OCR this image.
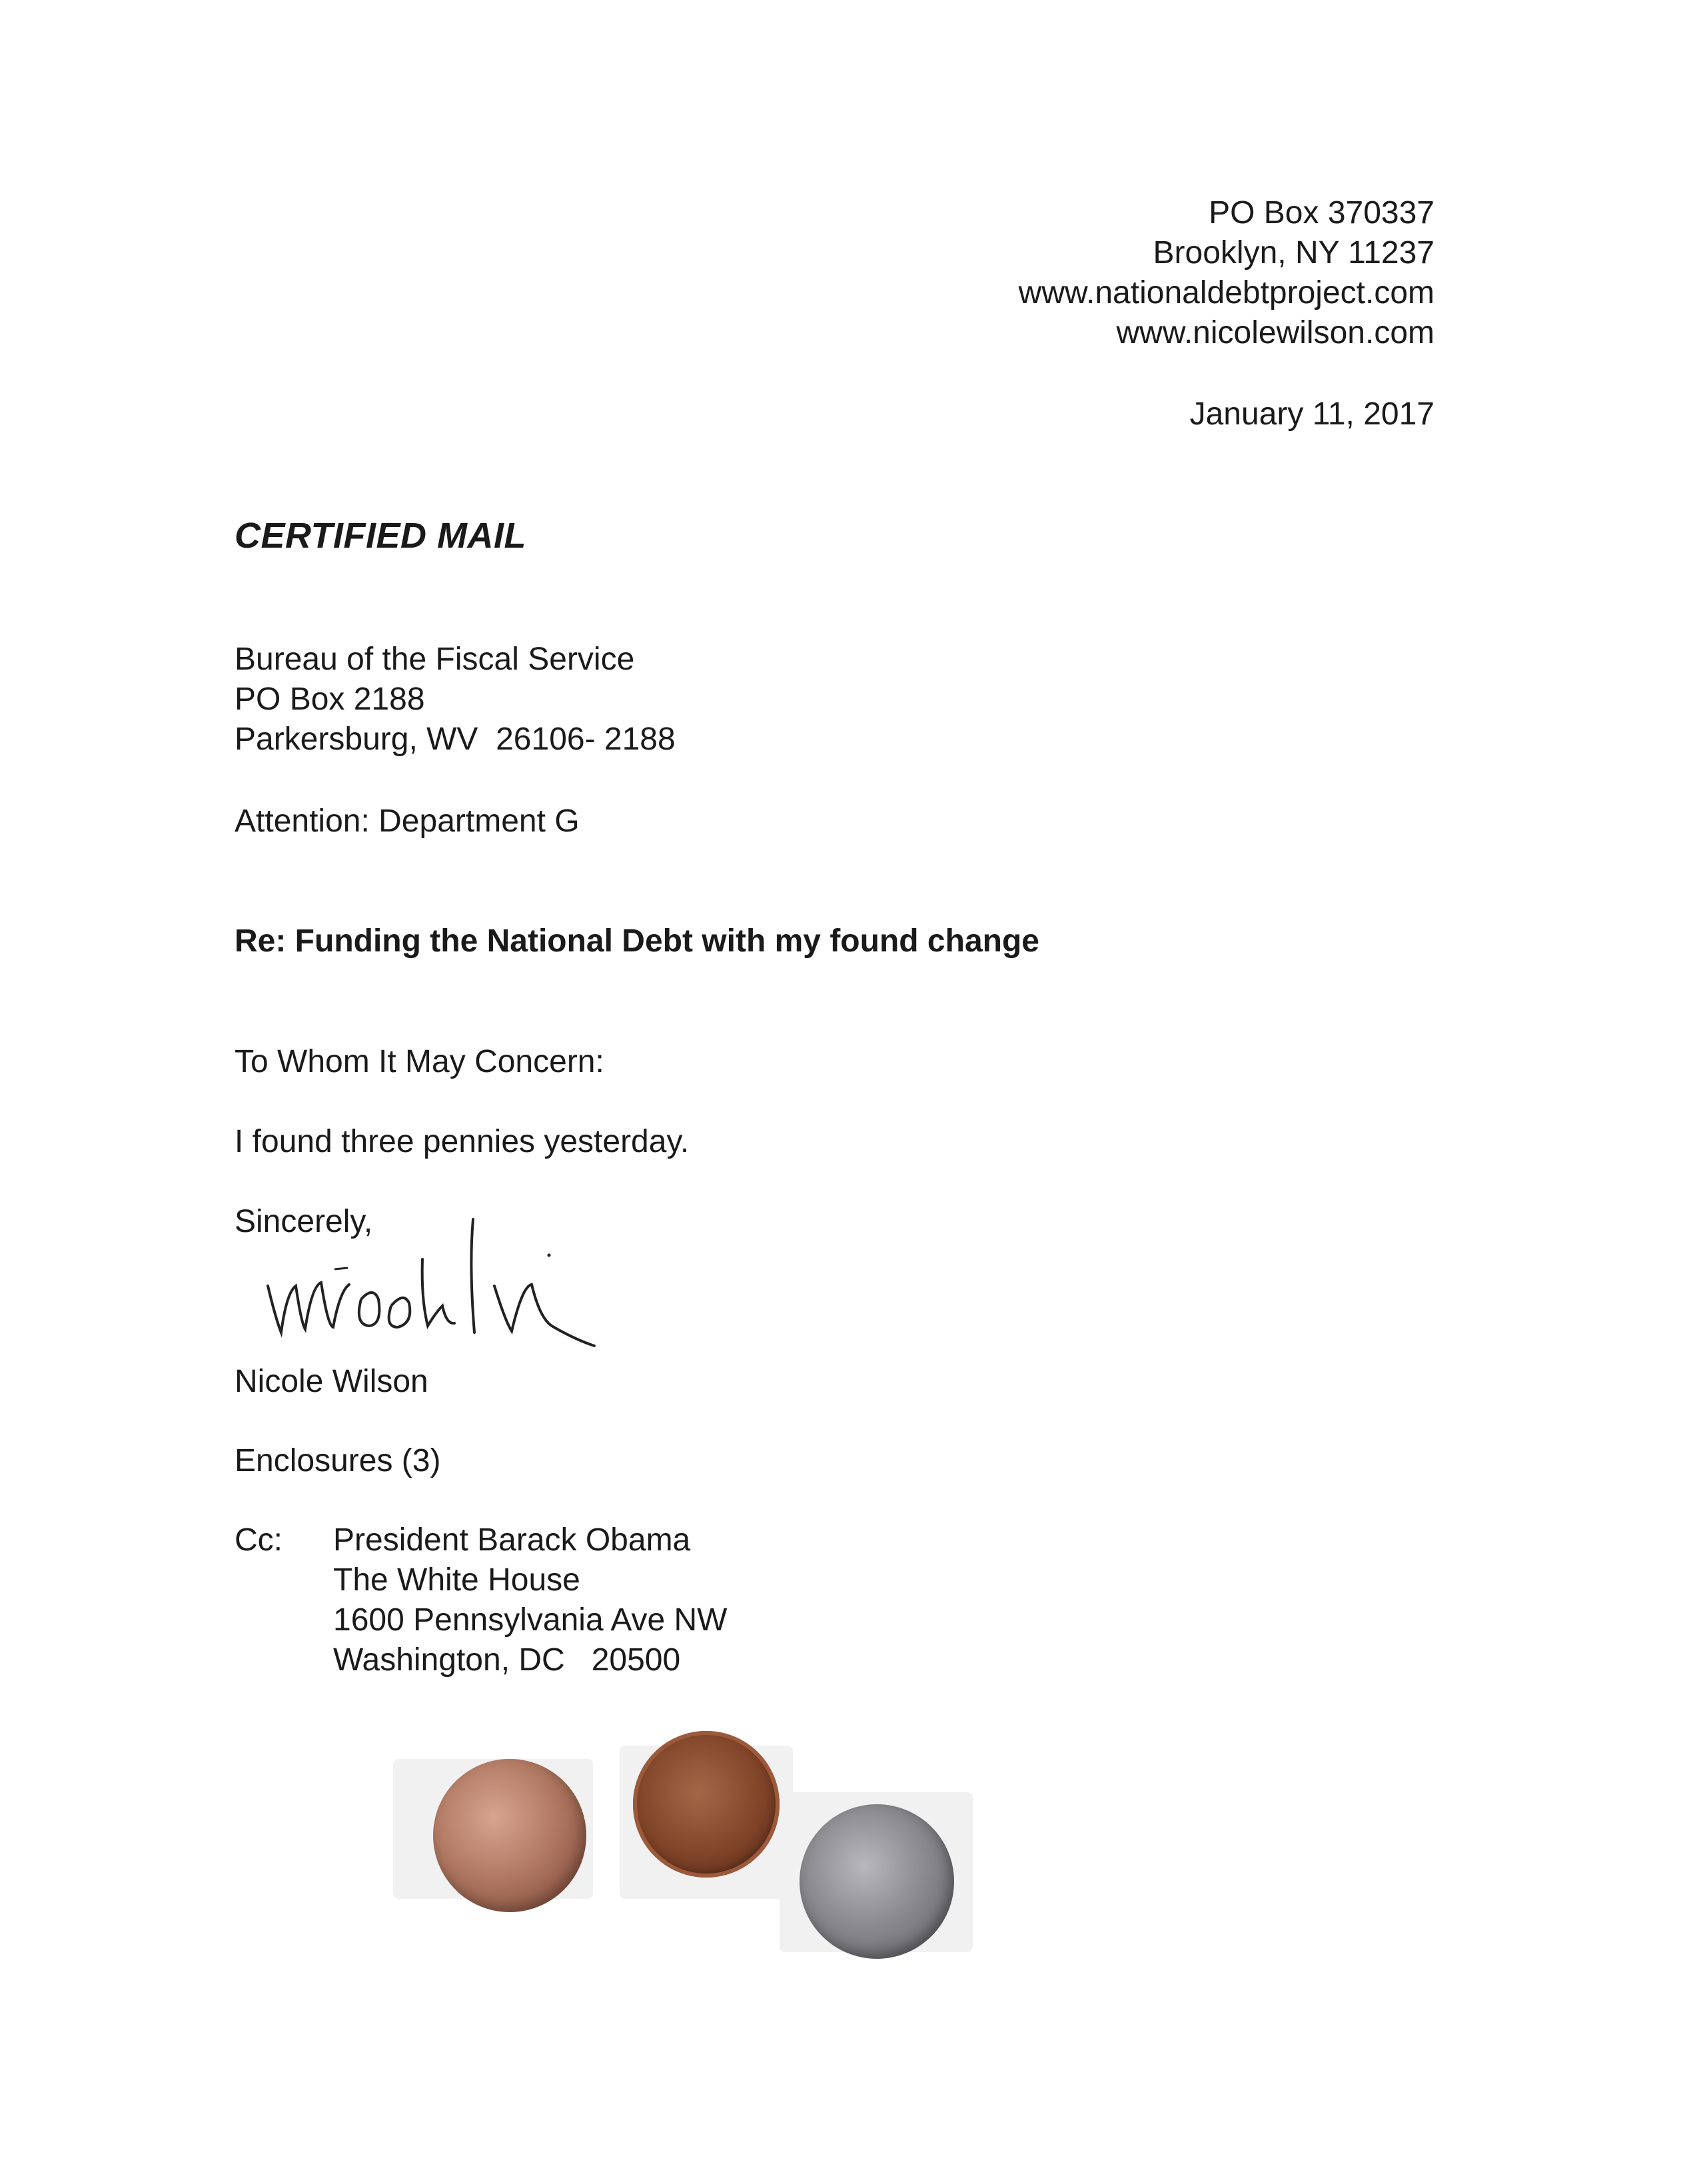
PO Box 370337
Brooklyn, NY 11237
www.nationaldebtproject.com
www.nicolewilson.com
January 11, 2017
CERTIFIED MAIL
Bureau of the Fiscal Service
PO Box 2188
Parkersburg, WV  26106- 2188
Attention: Department G
Re: Funding the National Debt with my found change
To Whom It May Concern:
I found three pennies yesterday.
Sincerely,
Nicole Wilson
Enclosures (3)
Cc: President Barack Obama
The White House
1600 Pennsylvania Ave NW
Washington, DC   20500
